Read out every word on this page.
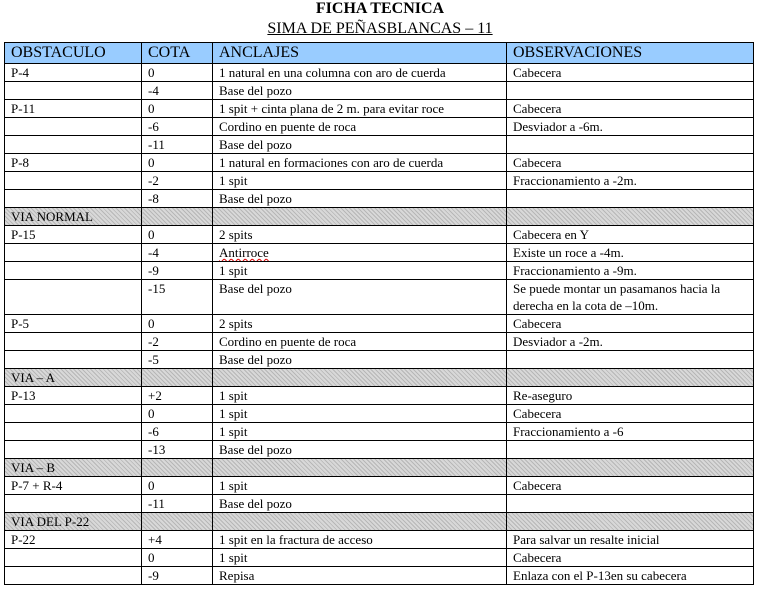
FICHA TECNICA
SIMA DE PEÑASBLANCAS – 11
OBSTACULO	COTA	ANCLAJES	OBSERVACIONES
P-4	0	1 natural en una columna con aro de cuerda	Cabecera
	-4	Base del pozo	
P-11	0	1 spit + cinta plana de 2 m. para evitar roce	Cabecera
	-6	Cordino en puente de roca	Desviador a -6m.
	-11	Base del pozo	
P-8	0	1 natural en formaciones con aro de cuerda	Cabecera
	-2	1 spit	Fraccionamiento a -2m.
	-8	Base del pozo	
VIA NORMAL			
P-15	0	2 spits	Cabecera en Y
	-4	Antirroce	Existe un roce a -4m.
	-9	1 spit	Fraccionamiento a -9m.
	-15	Base del pozo	Se puede montar un pasamanos hacia la derecha en la cota de –10m.
P-5	0	2 spits	Cabecera
	-2	Cordino en puente de roca	Desviador a -2m.
	-5	Base del pozo	
VIA – A			
P-13	+2	1 spit	Re-aseguro
	0	1 spit	Cabecera
	-6	1 spit	Fraccionamiento a -6
	-13	Base del pozo	
VIA – B			
P-7 + R-4	0	1 spit	Cabecera
	-11	Base del pozo	
VIA DEL P-22			
P-22	+4	1 spit en la fractura de acceso	Para salvar un resalte inicial
	0	1 spit	Cabecera
	-9	Repisa	Enlaza con el P-13en su cabecera
